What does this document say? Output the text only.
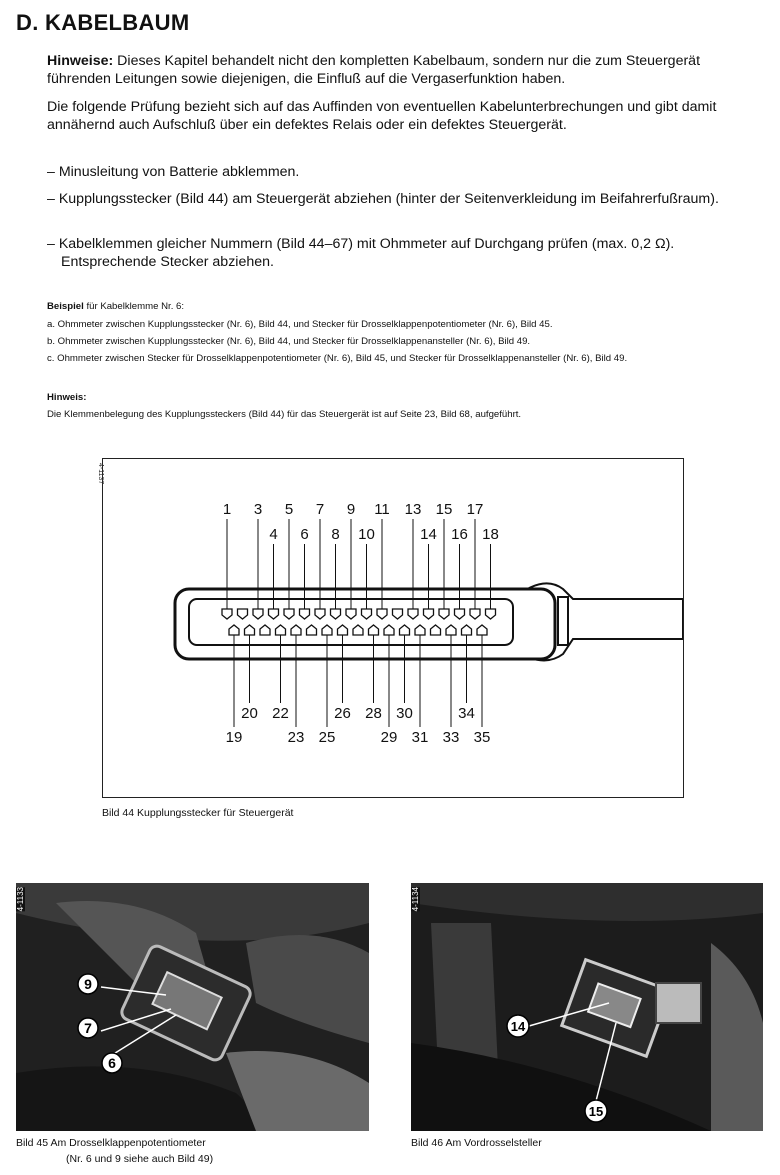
D. KABELBAUM
Hinweise: Dieses Kapitel behandelt nicht den kompletten Kabelbaum, sondern nur die zum Steuergerät führenden Leitungen sowie diejenigen, die Einfluß auf die Vergaserfunktion haben.
Die folgende Prüfung bezieht sich auf das Auffinden von eventuellen Kabelunterbrechungen und gibt damit annähernd auch Aufschluß über ein defektes Relais oder ein defektes Steuergerät.
– Minusleitung von Batterie abklemmen.
– Kupplungsstecker (Bild 44) am Steuergerät abziehen (hinter der Seitenverkleidung im Beifahrerfußraum).
– Kabelklemmen gleicher Nummern (Bild 44–67) mit Ohmmeter auf Durchgang prüfen (max. 0,2 Ω). Entsprechende Stecker abziehen.
Beispiel für Kabelklemme Nr. 6:
a. Ohmmeter zwischen Kupplungsstecker (Nr. 6), Bild 44, und Stecker für Drosselklappenpotentiometer (Nr. 6), Bild 45.
b. Ohmmeter zwischen Kupplungsstecker (Nr. 6), Bild 44, und Stecker für Drosselklappenansteller (Nr. 6), Bild 49.
c. Ohmmeter zwischen Stecker für Drosselklappenpotentiometer (Nr. 6), Bild 45, und Stecker für Drosselklappenansteller (Nr. 6), Bild 49.
Hinweis:
Die Klemmenbelegung des Kupplungssteckers (Bild 44) für das Steuergerät ist auf Seite 23, Bild 68, aufgeführt.
1 3 5 7 9 11 13 15 17
4 6 8 10	14 16 18
20 22	26 28 30	34
19	23 25	29 31 33 35
4-1137
Bild 44 Kupplungsstecker für Steuergerät
9
7
6
4-1133
Bild 45 Am Drosselklappenpotentiometer
(Nr. 6 und 9 siehe auch Bild 49)
14
15
4-1134
Bild 46 Am Vordrosselsteller
